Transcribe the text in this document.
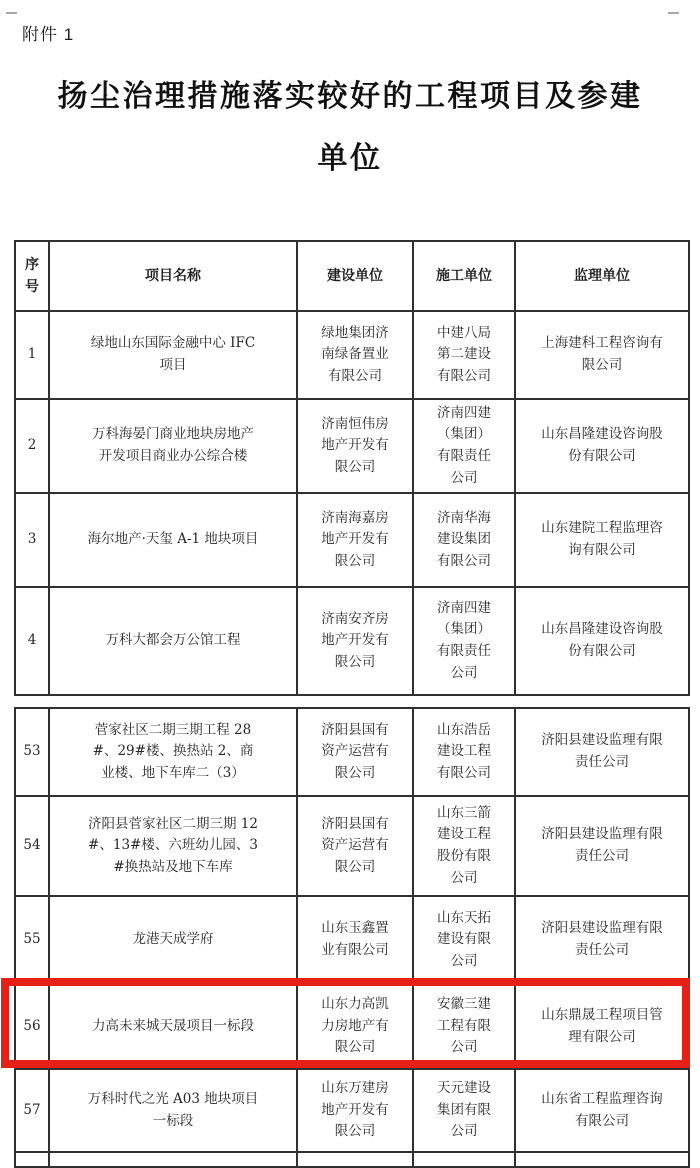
附件 1
扬尘治理措施落实较好的工程项目及参建单位
序号	项目名称	建设单位	施工单位	监理单位
1	绿地山东国际金融中心 IFC 项目	绿地集团济南绿备置业有限公司	中建八局第二建设有限公司	上海建科工程咨询有限公司
2	万科海晏门商业地块房地产开发项目商业办公综合楼	济南恒伟房地产开发有限公司	济南四建（集团）有限责任公司	山东昌隆建设咨询股份有限公司
3	海尔地产·天玺 A-1 地块项目	济南海嘉房地产开发有限公司	济南华海建设集团有限公司	山东建院工程监理咨询有限公司
4	万科大都会万公馆工程	济南安齐房地产开发有限公司	济南四建（集团）有限责任公司	山东昌隆建设咨询股份有限公司
53	菅家社区二期三期工程 28#、29#楼、换热站 2、商业楼、地下车库二（3）	济阳县国有资产运营有限公司	山东浩岳建设工程有限公司	济阳县建设监理有限责任公司
54	济阳县菅家社区二期三期 12#、13#楼、六班幼儿园、3#换热站及地下车库	济阳县国有资产运营有限公司	山东三箭建设工程股份有限公司	济阳县建设监理有限责任公司
55	龙港天成学府	山东玉鑫置业有限公司	山东天拓建设有限公司	济阳县建设监理有限责任公司
56	力高未来城天晟项目一标段	山东力高凯力房地产有限公司	安徽三建工程有限公司	山东鼎晟工程项目管理有限公司
57	万科时代之光 A03 地块项目一标段	山东万建房地产开发有限公司	天元建设集团有限公司	山东省工程监理咨询有限公司
